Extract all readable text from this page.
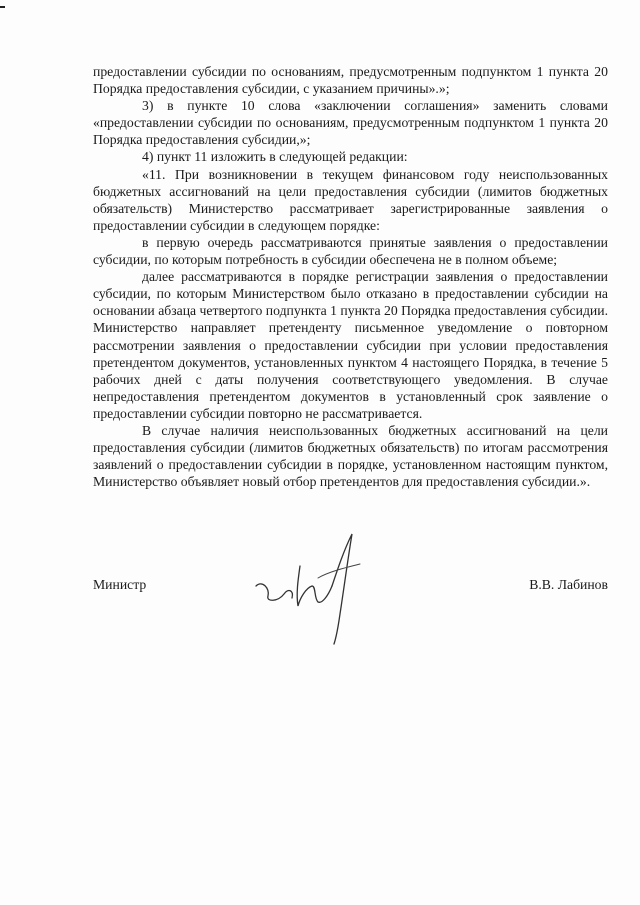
предоставлении субсидии по основаниям, предусмотренным подпунктом 1 пункта 20 Порядка предоставления субсидии, с указанием причины».»;

3) в пункте 10 слова «заключении соглашения» заменить словами «предоставлении субсидии по основаниям, предусмотренным подпунктом 1 пункта 20 Порядка предоставления субсидии,»;

4) пункт 11 изложить в следующей редакции:

«11. При возникновении в текущем финансовом году неиспользованных бюджетных ассигнований на цели предоставления субсидии (лимитов бюджетных обязательств) Министерство рассматривает зарегистрированные заявления о предоставлении субсидии в следующем порядке:

в первую очередь рассматриваются принятые заявления о предоставлении субсидии, по которым потребность в субсидии обеспечена не в полном объеме;

далее рассматриваются в порядке регистрации заявления о предоставлении субсидии, по которым Министерством было отказано в предоставлении субсидии на основании абзаца четвертого подпункта 1 пункта 20 Порядка предоставления субсидии. Министерство направляет претенденту письменное уведомление о повторном рассмотрении заявления о предоставлении субсидии при условии предоставления претендентом документов, установленных пунктом 4 настоящего Порядка, в течение 5 рабочих дней с даты получения соответствующего уведомления. В случае непредоставления претендентом документов в установленный срок заявление о предоставлении субсидии повторно не рассматривается.

В случае наличия неиспользованных бюджетных ассигнований на цели предоставления субсидии (лимитов бюджетных обязательств) по итогам рассмотрения заявлений о предоставлении субсидии в порядке, установленном настоящим пунктом, Министерство объявляет новый отбор претендентов для предоставления субсидии.».

Министр	В.В. Лабинов
